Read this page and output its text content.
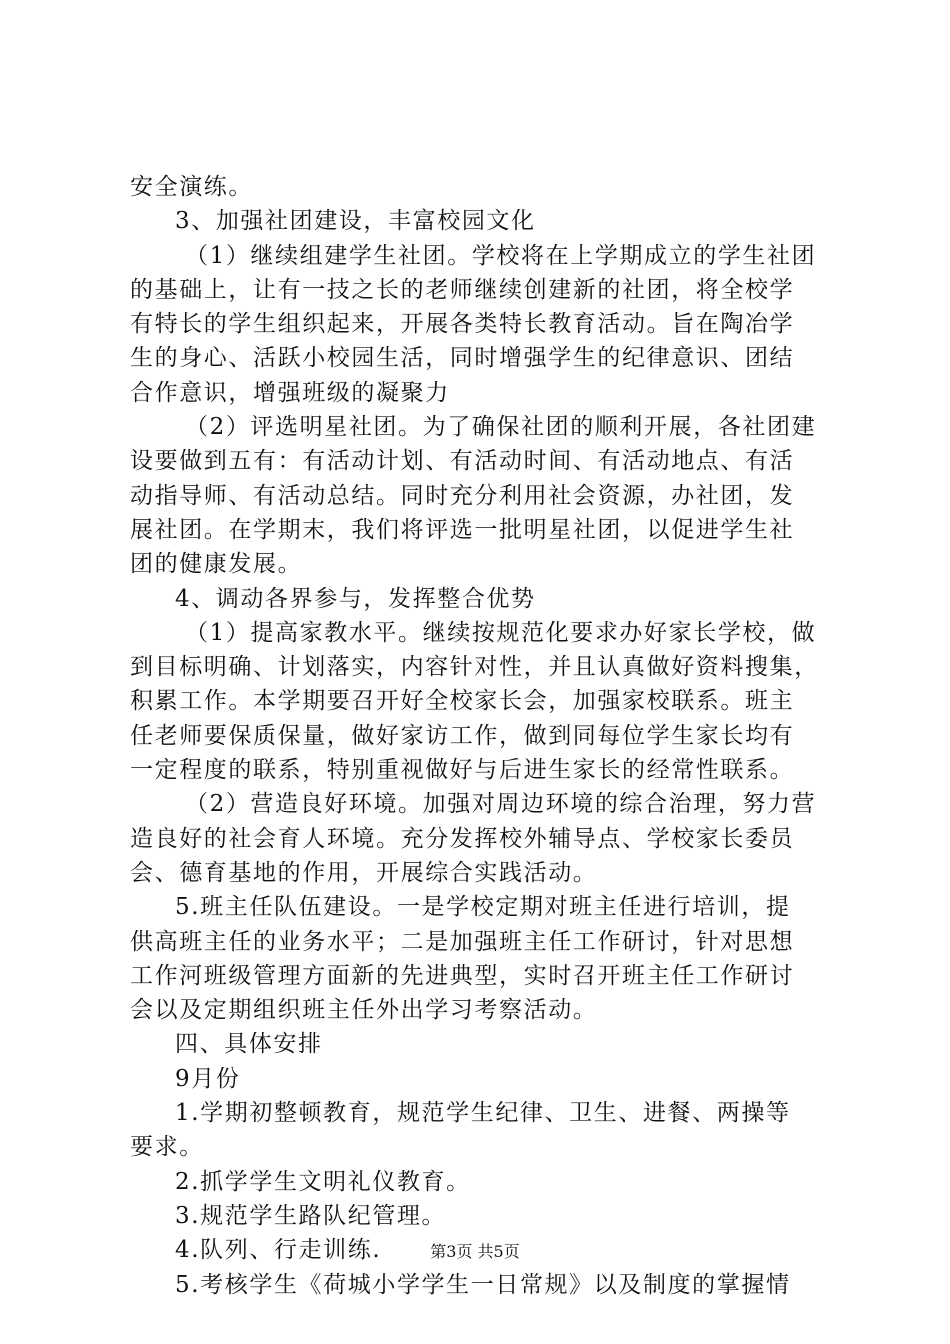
安全演练。
3、加强社团建设，丰富校园文化
（1）继续组建学生社团。学校将在上学期成立的学生社团
的基础上，让有一技之长的老师继续创建新的社团，将全校学
有特长的学生组织起来，开展各类特长教育活动。旨在陶冶学
生的身心、活跃小校园生活，同时增强学生的纪律意识、团结
合作意识，增强班级的凝聚力
（2）评选明星社团。为了确保社团的顺利开展，各社团建
设要做到五有：有活动计划、有活动时间、有活动地点、有活
动指导师、有活动总结。同时充分利用社会资源，办社团，发
展社团。在学期末，我们将评选一批明星社团，以促进学生社
团的健康发展。
4、调动各界参与，发挥整合优势
（1）提高家教水平。继续按规范化要求办好家长学校，做
到目标明确、计划落实，内容针对性，并且认真做好资料搜集，
积累工作。本学期要召开好全校家长会，加强家校联系。班主
任老师要保质保量，做好家访工作，做到同每位学生家长均有
一定程度的联系，特别重视做好与后进生家长的经常性联系。
（2）营造良好环境。加强对周边环境的综合治理，努力营
造良好的社会育人环境。充分发挥校外辅导点、学校家长委员
会、德育基地的作用，开展综合实践活动。
5.班主任队伍建设。一是学校定期对班主任进行培训，提
供高班主任的业务水平；二是加强班主任工作研讨，针对思想
工作河班级管理方面新的先进典型，实时召开班主任工作研讨
会以及定期组织班主任外出学习考察活动。
四、具体安排
9月份
1.学期初整顿教育，规范学生纪律、卫生、进餐、两操等
要求。
2.抓学学生文明礼仪教育。
3.规范学生路队纪管理。
4.队列、行走训练.
5.考核学生《荷城小学学生一日常规》以及制度的掌握情
第3页 共5页
